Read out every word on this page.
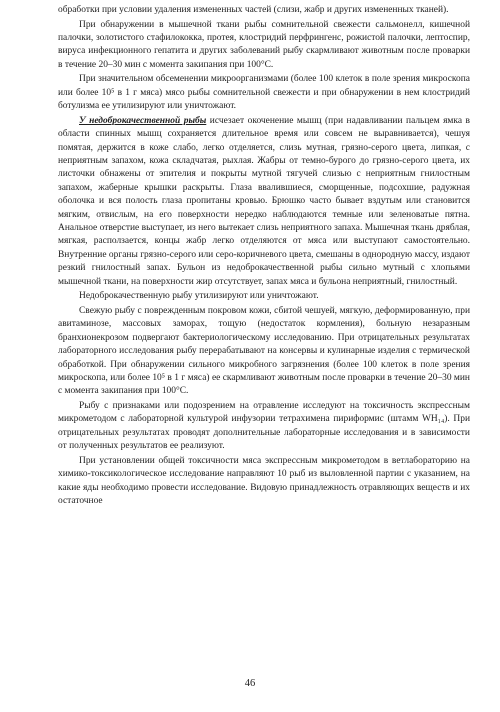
обработки при условии удаления измененных частей (слизи, жабр и других измененных тканей).

При обнаружении в мышечной ткани рыбы сомнительной свежести сальмонелл, кишечной палочки, золотистого стафилококка, протея, клостридий перфрингенс, рожистой палочки, лептоспир, вируса инфекционного гепатита и других заболеваний рыбу скармливают животным после проварки в течение 20–30 мин с момента закипания при 100°С.

При значительном обсеменении микроорганизмами (более 100 клеток в поле зрения микроскопа или более 10⁵ в 1 г мяса) мясо рыбы сомнительной свежести и при обнаружении в нем клостридий ботулизма ее утилизируют или уничтожают.

У недоброкачественной рыбы исчезает окоченение мышц (при надавливании пальцем ямка в области спинных мышц сохраняется длительное время или совсем не выравнивается), чешуя помятая, держится в коже слабо, легко отделяется, слизь мутная, грязно-серого цвета, липкая, с неприятным запахом, кожа складчатая, рыхлая. Жабры от темно-бурого до грязно-серого цвета, их листочки обнажены от эпителия и покрыты мутной тягучей слизью с неприятным гнилостным запахом, жаберные крышки раскрыты. Глаза ввалившиеся, сморщенные, подсохшие, радужная оболочка и вся полость глаза пропитаны кровью. Брюшко часто бывает вздутым или становится мягким, отвислым, на его поверхности нередко наблюдаются темные или зеленоватые пятна. Анальное отверстие выступает, из него вытекает слизь неприятного запаха. Мышечная ткань дряблая, мягкая, расползается, концы жабр легко отделяются от мяса или выступают самостоятельно. Внутренние органы грязно-серого или серо-коричневого цвета, смешаны в однородную массу, издают резкий гнилостный запах. Бульон из недоброкачественной рыбы сильно мутный с хлопьями мышечной ткани, на поверхности жир отсутствует, запах мяса и бульона неприятный, гнилостный.

Недоброкачественную рыбу утилизируют или уничтожают.

Свежую рыбу с поврежденным покровом кожи, сбитой чешуей, мягкую, деформированную, при авитаминозе, массовых заморах, тощую (недостаток кормления), больную незаразным бранхионекрозом подвергают бактериологическому исследованию. При отрицательных результатах лабораторного исследования рыбу перерабатывают на консервы и кулинарные изделия с термической обработкой. При обнаружении сильного микробного загрязнения (более 100 клеток в поле зрения микроскопа, или более 10⁵ в 1 г мяса) ее скармливают животным после проварки в течение 20–30 мин с момента закипания при 100°С.

Рыбу с признаками или подозрением на отравление исследуют на токсичность экспрессным микрометодом с лабораторной культурой инфузории тетрахимена пириформис (штамм WH₁₄). При отрицательных результатах проводят дополнительные лабораторные исследования и в зависимости от полученных результатов ее реализуют.

При установлении общей токсичности мяса экспрессным микрометодом в ветлабораторию на химико-токсикологическое исследование направляют 10 рыб из выловленной партии с указанием, на какие яды необходимо провести исследование. Видовую принадлежность отравляющих веществ и их остаточное

46
